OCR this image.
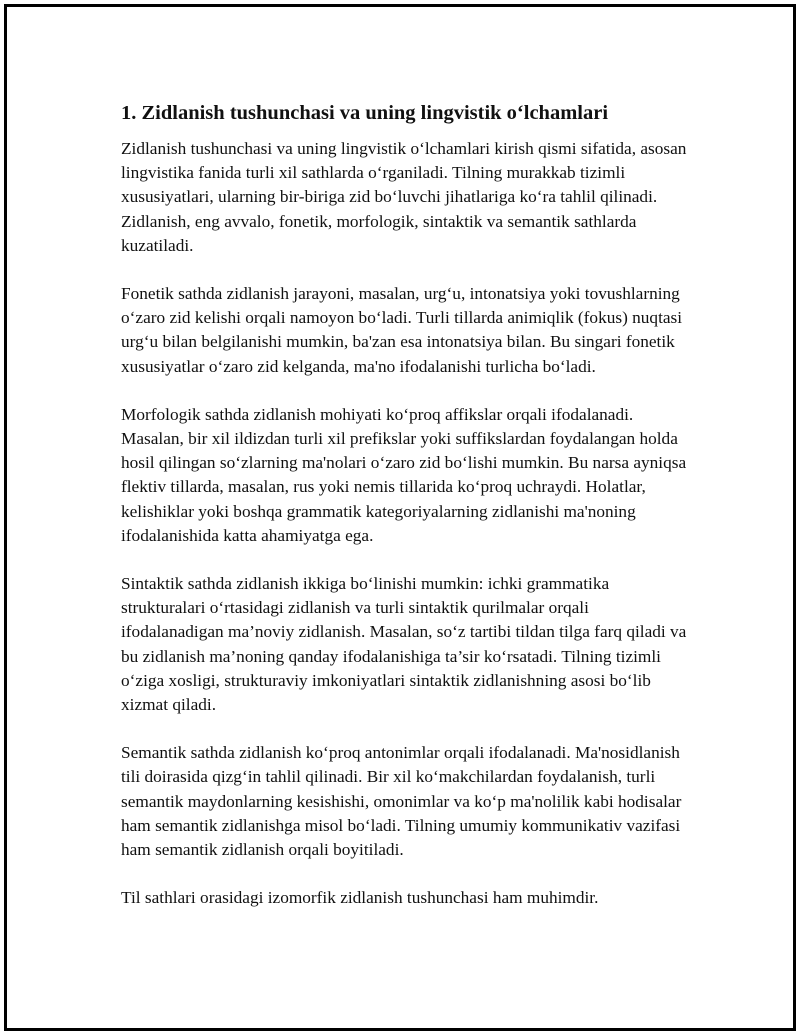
1. Zidlanish tushunchasi va uning lingvistik o‘lchamlari

Zidlanish tushunchasi va uning lingvistik o‘lchamlari kirish qismi sifatida, asosan lingvistika fanida turli xil sathlarda o‘rganiladi. Tilning murakkab tizimli xususiyatlari, ularning bir-biriga zid bo‘luvchi jihatlariga ko‘ra tahlil qilinadi. Zidlanish, eng avvalo, fonetik, morfologik, sintaktik va semantik sathlarda kuzatiladi.

Fonetik sathda zidlanish jarayoni, masalan, urg‘u, intonatsiya yoki tovushlarning o‘zaro zid kelishi orqali namoyon bo‘ladi. Turli tillarda animiqlik (fokus) nuqtasi urg‘u bilan belgilanishi mumkin, ba'zan esa intonatsiya bilan. Bu singari fonetik xususiyatlar o‘zaro zid kelganda, ma'no ifodalanishi turlicha bo‘ladi.

Morfologik sathda zidlanish mohiyati ko‘proq affikslar orqali ifodalanadi. Masalan, bir xil ildizdan turli xil prefikslar yoki suffikslardan foydalangan holda hosil qilingan so‘zlarning ma'nolari o‘zaro zid bo‘lishi mumkin. Bu narsa ayniqsa flektiv tillarda, masalan, rus yoki nemis tillarida ko‘proq uchraydi. Holatlar, kelishiklar yoki boshqa grammatik kategoriyalarning zidlanishi ma'noning ifodalanishida katta ahamiyatga ega.

Sintaktik sathda zidlanish ikkiga bo‘linishi mumkin: ichki grammatika strukturalari o‘rtasidagi zidlanish va turli sintaktik qurilmalar orqali ifodalanadigan ma’noviy zidlanish. Masalan, so‘z tartibi tildan tilga farq qiladi va bu zidlanish ma’noning qanday ifodalanishiga ta’sir ko‘rsatadi. Tilning tizimli o‘ziga xosligi, strukturaviy imkoniyatlari sintaktik zidlanishning asosi bo‘lib xizmat qiladi.

Semantik sathda zidlanish ko‘proq antonimlar orqali ifodalanadi. Ma'nosidlanish tili doirasida qizg‘in tahlil qilinadi. Bir xil ko‘makchilardan foydalanish, turli semantik maydonlarning kesishishi, omonimlar va ko‘p ma'nolilik kabi hodisalar ham semantik zidlanishga misol bo‘ladi. Tilning umumiy kommunikativ vazifasi ham semantik zidlanish orqali boyitiladi.

Til sathlari orasidagi izomorfik zidlanish tushunchasi ham muhimdir.
